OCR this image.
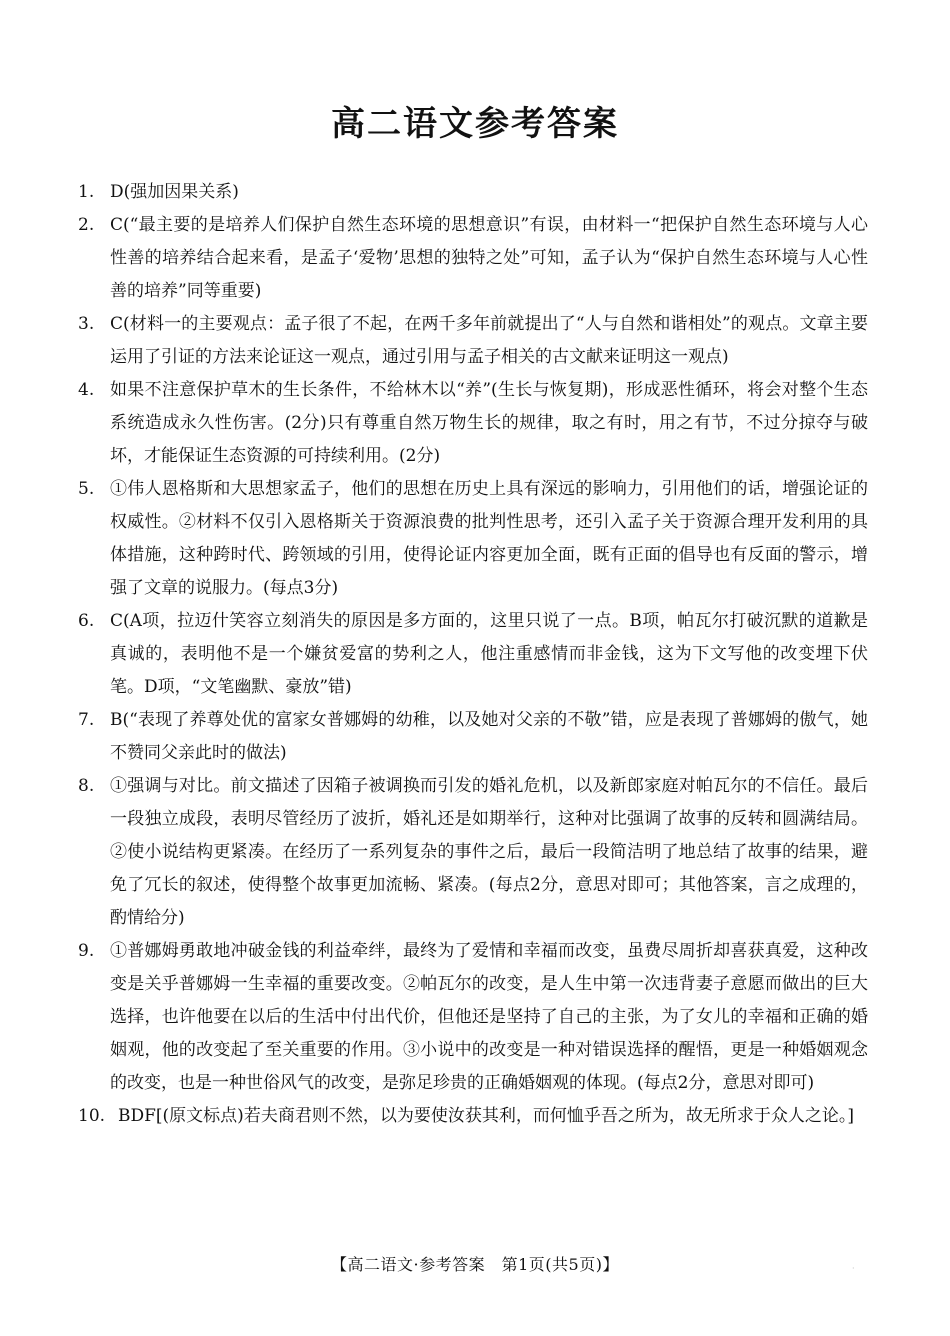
高二语文参考答案
1. D(强加因果关系)
2. C(“最主要的是培养人们保护自然生态环境的思想意识”有误，由材料一“把保护自然生态环境与人心性善的培养结合起来看，是孟子‘爱物’思想的独特之处”可知，孟子认为“保护自然生态环境与人心性善的培养”同等重要)
3. C(材料一的主要观点：孟子很了不起，在两千多年前就提出了“人与自然和谐相处”的观点。文章主要运用了引证的方法来论证这一观点，通过引用与孟子相关的古文献来证明这一观点)
4. 如果不注意保护草木的生长条件，不给林木以“养”(生长与恢复期)，形成恶性循环，将会对整个生态系统造成永久性伤害。(2分)只有尊重自然万物生长的规律，取之有时，用之有节，不过分掠夺与破坏，才能保证生态资源的可持续利用。(2分)
5. ①伟人恩格斯和大思想家孟子，他们的思想在历史上具有深远的影响力，引用他们的话，增强论证的权威性。②材料不仅引入恩格斯关于资源浪费的批判性思考，还引入孟子关于资源合理开发利用的具体措施，这种跨时代、跨领域的引用，使得论证内容更加全面，既有正面的倡导也有反面的警示，增强了文章的说服力。(每点3分)
6. C(A项，拉迈什笑容立刻消失的原因是多方面的，这里只说了一点。B项，帕瓦尔打破沉默的道歉是真诚的，表明他不是一个嫌贫爱富的势利之人，他注重感情而非金钱，这为下文写他的改变埋下伏笔。D项，“文笔幽默、豪放”错)
7. B(“表现了养尊处优的富家女普娜姆的幼稚，以及她对父亲的不敬”错，应是表现了普娜姆的傲气，她不赞同父亲此时的做法)
8. ①强调与对比。前文描述了因箱子被调换而引发的婚礼危机，以及新郎家庭对帕瓦尔的不信任。最后一段独立成段，表明尽管经历了波折，婚礼还是如期举行，这种对比强调了故事的反转和圆满结局。②使小说结构更紧凑。在经历了一系列复杂的事件之后，最后一段简洁明了地总结了故事的结果，避免了冗长的叙述，使得整个故事更加流畅、紧凑。(每点2分，意思对即可；其他答案，言之成理的，酌情给分)
9. ①普娜姆勇敢地冲破金钱的利益牵绊，最终为了爱情和幸福而改变，虽费尽周折却喜获真爱，这种改变是关乎普娜姆一生幸福的重要改变。②帕瓦尔的改变，是人生中第一次违背妻子意愿而做出的巨大选择，也许他要在以后的生活中付出代价，但他还是坚持了自己的主张，为了女儿的幸福和正确的婚姻观，他的改变起了至关重要的作用。③小说中的改变是一种对错误选择的醒悟，更是一种婚姻观念的改变，也是一种世俗风气的改变，是弥足珍贵的正确婚姻观的体现。(每点2分，意思对即可)
10. BDF[(原文标点)若夫商君则不然，以为要使汝获其利，而何恤乎吾之所为，故无所求于众人之论。]
【高二语文·参考答案　第1页(共5页)】	·
